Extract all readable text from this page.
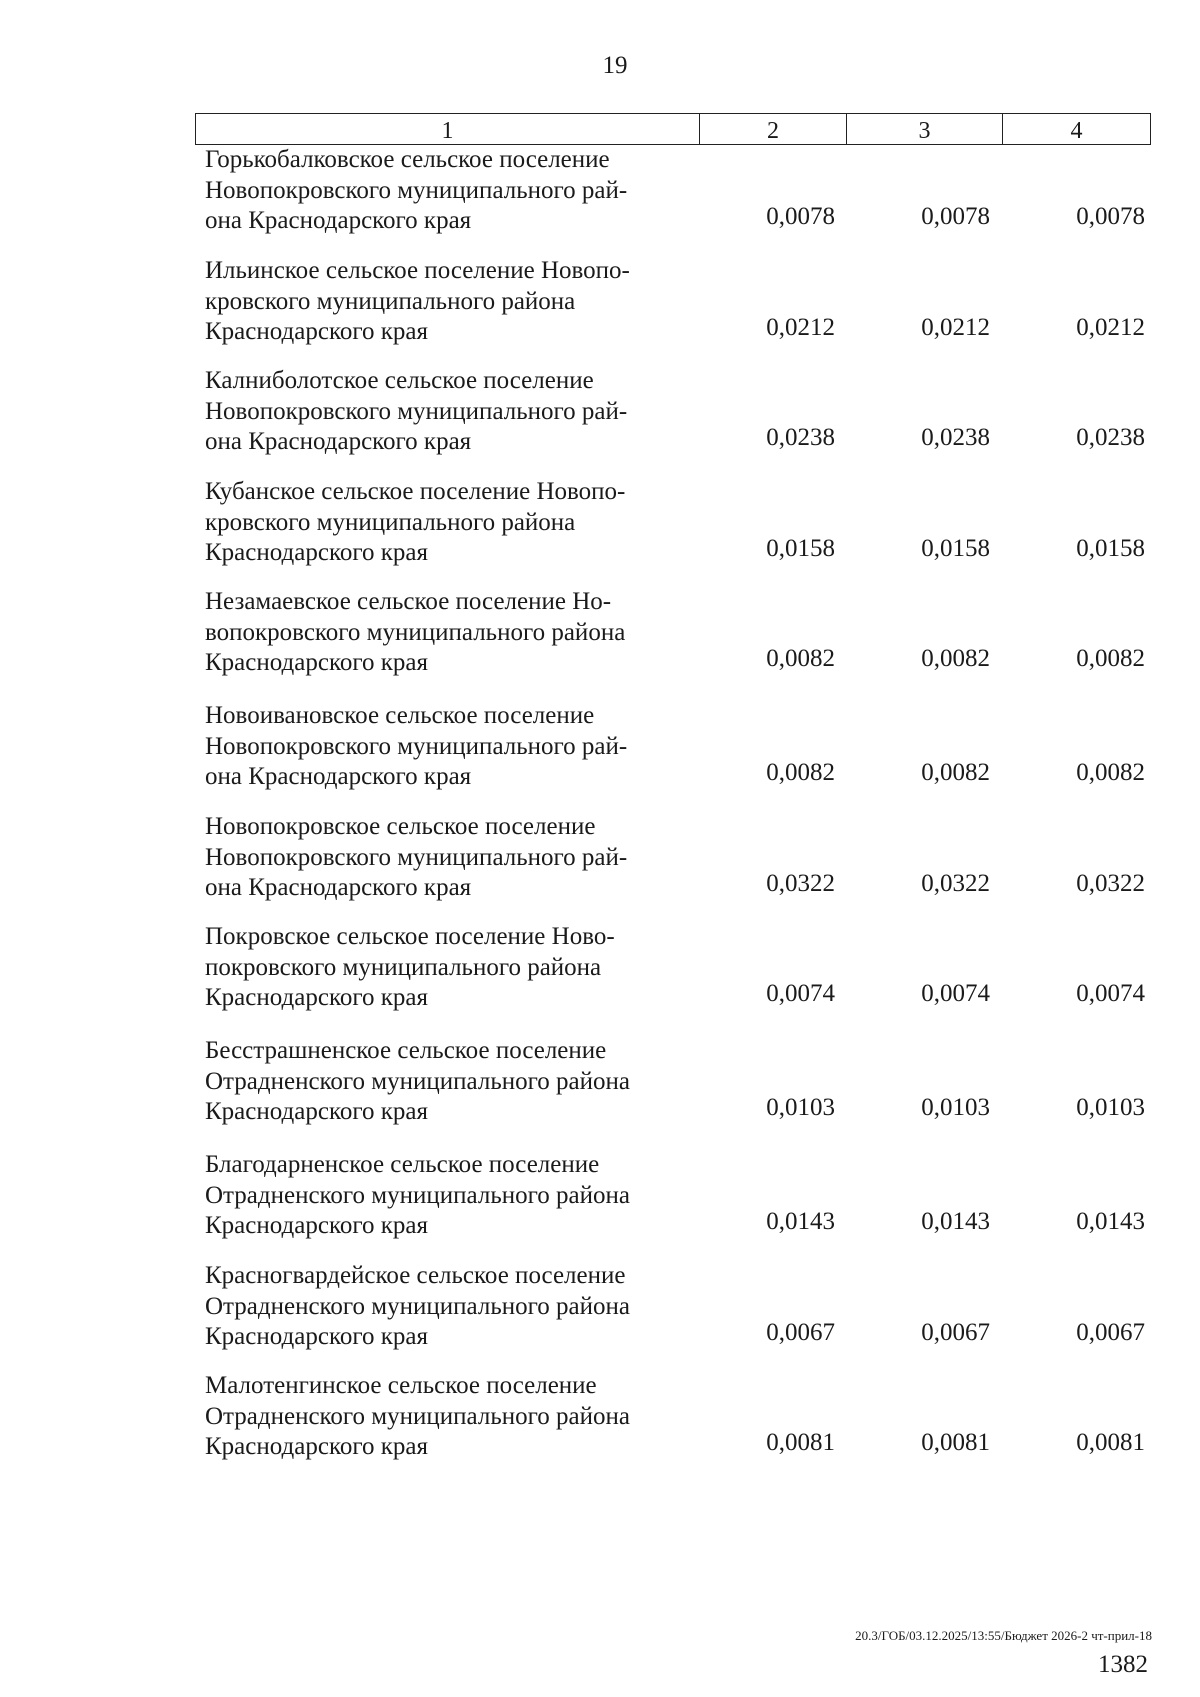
19
1	2	3	4
Горькобалковское сельское поселение
Новопокровского муниципального рай-
она Краснодарского края	0,0078	0,0078	0,0078
Ильинское сельское поселение Новопо-
кровского муниципального района
Краснодарского края	0,0212	0,0212	0,0212
Калниболотское сельское поселение
Новопокровского муниципального рай-
она Краснодарского края	0,0238	0,0238	0,0238
Кубанское сельское поселение Новопо-
кровского муниципального района
Краснодарского края	0,0158	0,0158	0,0158
Незамаевское сельское поселение Но-
вопокровского муниципального района
Краснодарского края	0,0082	0,0082	0,0082
Новоивановское сельское поселение
Новопокровского муниципального рай-
она Краснодарского края	0,0082	0,0082	0,0082
Новопокровское сельское поселение
Новопокровского муниципального рай-
она Краснодарского края	0,0322	0,0322	0,0322
Покровское сельское поселение Ново-
покровского муниципального района
Краснодарского края	0,0074	0,0074	0,0074
Бесстрашненское сельское поселение
Отрадненского муниципального района
Краснодарского края	0,0103	0,0103	0,0103
Благодарненское сельское поселение
Отрадненского муниципального района
Краснодарского края	0,0143	0,0143	0,0143
Красногвардейское сельское поселение
Отрадненского муниципального района
Краснодарского края	0,0067	0,0067	0,0067
Малотенгинское сельское поселение
Отрадненского муниципального района
Краснодарского края	0,0081	0,0081	0,0081
20.3/ГОБ/03.12.2025/13:55/Бюджет 2026-2 чт-прил-18
1382
